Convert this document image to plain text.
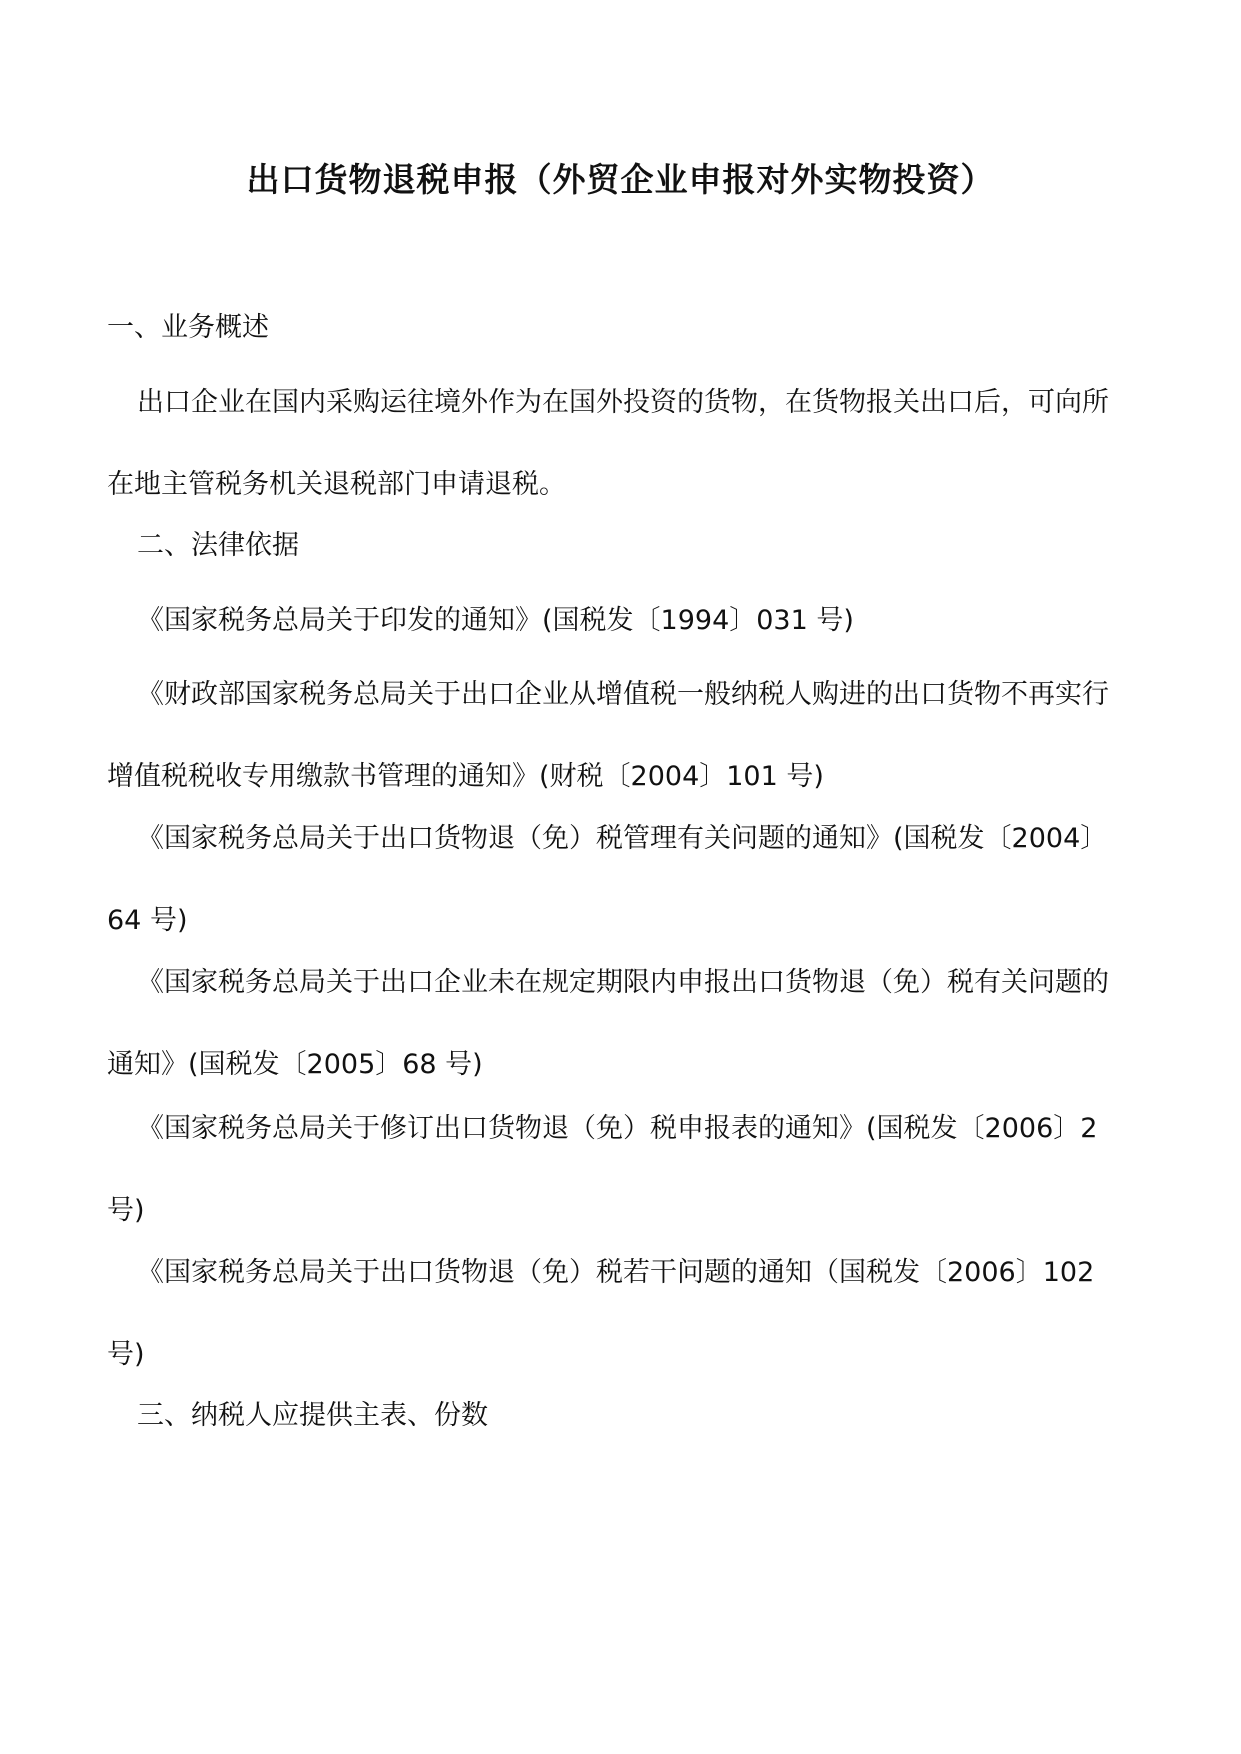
出口货物退税申报（外贸企业申报对外实物投资）

一、业务概述

出口企业在国内采购运往境外作为在国外投资的货物，在货物报关出口后，可向所在地主管税务机关退税部门申请退税。

二、法律依据

《国家税务总局关于印发的通知》(国税发〔1994〕031 号)

《财政部国家税务总局关于出口企业从增值税一般纳税人购进的出口货物不再实行增值税税收专用缴款书管理的通知》(财税〔2004〕101 号)

《国家税务总局关于出口货物退（免）税管理有关问题的通知》(国税发〔2004〕64 号)

《国家税务总局关于出口企业未在规定期限内申报出口货物退（免）税有关问题的通知》(国税发〔2005〕68 号)

《国家税务总局关于修订出口货物退（免）税申报表的通知》(国税发〔2006〕2 号)

《国家税务总局关于出口货物退（免）税若干问题的通知（国税发〔2006〕102 号)

三、纳税人应提供主表、份数
